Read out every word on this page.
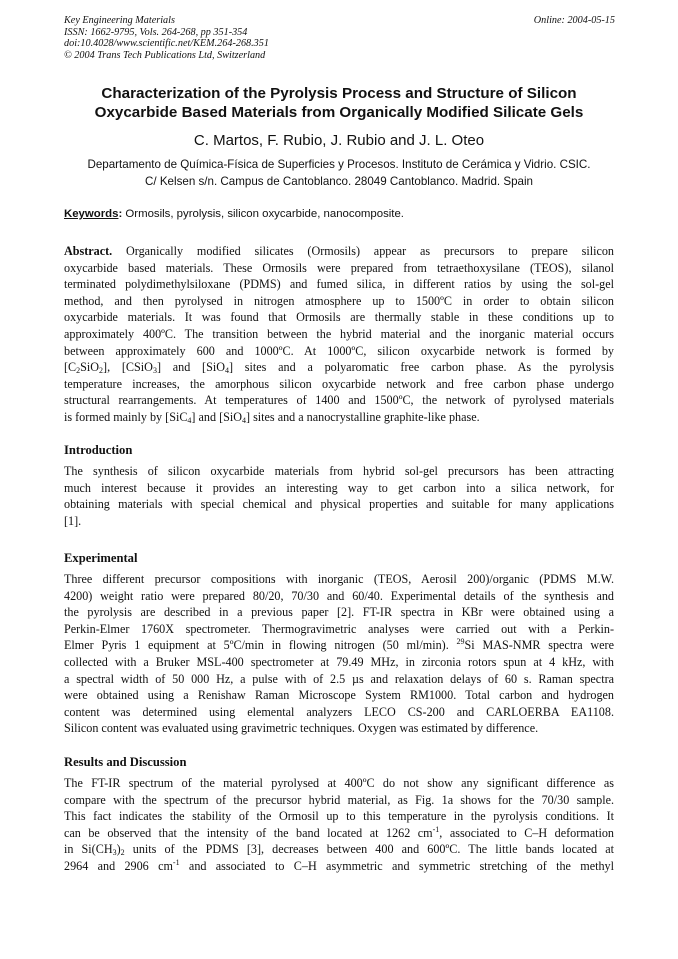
Key Engineering Materials
ISSN: 1662-9795, Vols. 264-268, pp 351-354
doi:10.4028/www.scientific.net/KEM.264-268.351
© 2004 Trans Tech Publications Ltd, Switzerland
Online: 2004-05-15
Characterization of the Pyrolysis Process and Structure of Silicon
Oxycarbide Based Materials from Organically Modified Silicate Gels
C. Martos, F. Rubio, J. Rubio and J. L. Oteo
Departamento de Química-Física de Superficies y Procesos. Instituto de Cerámica y Vidrio. CSIC.
C/ Kelsen s/n. Campus de Cantoblanco. 28049 Cantoblanco. Madrid. Spain
Keywords: Ormosils, pyrolysis, silicon oxycarbide, nanocomposite.
Abstract. Organically modified silicates (Ormosils) appear as precursors to prepare silicon
oxycarbide based materials. These Ormosils were prepared from tetraethoxysilane (TEOS), silanol
terminated polydimethylsiloxane (PDMS) and fumed silica, in different ratios by using the sol-gel
method, and then pyrolysed in nitrogen atmosphere up to 1500ºC in order to obtain silicon
oxycarbide materials. It was found that Ormosils are thermally stable in these conditions up to
approximately 400ºC. The transition between the hybrid material and the inorganic material occurs
between approximately 600 and 1000ºC. At 1000ºC, silicon oxycarbide network is formed by
$[C_2SiO_2]$, [CSiO$_3$] and [SiO$_4$] sites and a polyaromatic free carbon phase. As the pyrolysis
temperature increases, the amorphous silicon oxycarbide network and free carbon phase undergo
structural rearrangements. At temperatures of 1400 and 1500ºC, the network of pyrolysed materials
is formed mainly by [SiC$_4$] and [SiO$_4$] sites and a nanocrystalline graphite-like phase.
Introduction
The synthesis of silicon oxycarbide materials from hybrid sol-gel precursors has been attracting
much interest because it provides an interesting way to get carbon into a silica network, for
obtaining materials with special chemical and physical properties and suitable for many applications
[1].
Experimental
Three different precursor compositions with inorganic (TEOS, Aerosil 200)/organic (PDMS M.W.
4200) weight ratio were prepared 80/20, 70/30 and 60/40. Experimental details of the synthesis and
the pyrolysis are described in a previous paper [2]. FT-IR spectra in KBr were obtained using a
Perkin-Elmer 1760X spectrometer. Thermogravimetric analyses were carried out with a Perkin-
Elmer Pyris 1 equipment at 5ºC/min in flowing nitrogen (50 ml/min). $^{29}$Si MAS-NMR spectra were
collected with a Bruker MSL-400 spectrometer at 79.49 MHz, in zirconia rotors spun at 4 kHz, with
a spectral width of 50 000 Hz, a pulse with of 2.5 µs and relaxation delays of 60 s. Raman spectra
were obtained using a Renishaw Raman Microscope System RM1000. Total carbon and hydrogen
content was determined using elemental analyzers LECO CS-200 and CARLOERBA EA1108.
Silicon content was evaluated using gravimetric techniques. Oxygen was estimated by difference.
Results and Discussion
The FT-IR spectrum of the material pyrolysed at 400ºC do not show any significant difference as
compare with the spectrum of the precursor hybrid material, as Fig. 1a shows for the 70/30 sample.
This fact indicates the stability of the Ormosil up to this temperature in the pyrolysis conditions. It
can be observed that the intensity of the band located at 1262 $cm^{-1}$, associated to C–H deformation
in $Si(CH_3)_2$ units of the PDMS [3], decreases between 400 and 600ºC. The little bands located at
2964 and 2906 $cm^{-1}$ and associated to C–H asymmetric and symmetric stretching of the methyl
